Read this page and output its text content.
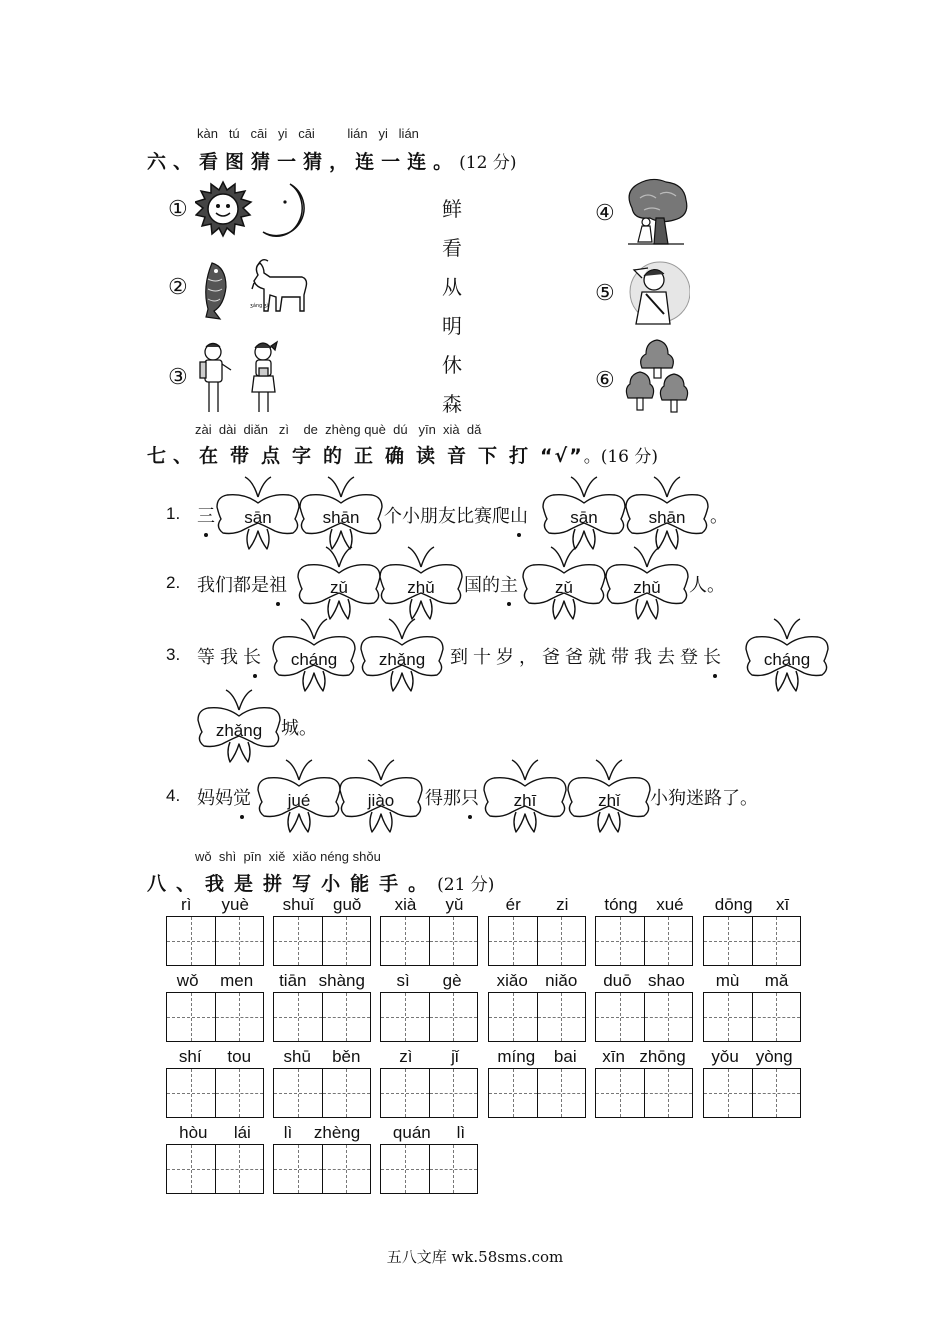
kàn tú cāi yi cāi	lián yi lián
六、看图猜一猜，连一连。(12 分)
①
②
③
④
⑤
⑥
ʒáng ʒì
鲜
看
从
明
休
森
zài dài diǎn zì de zhèng què dú yīn xià dǎ
七、在带点字的正确读音下打“√”。(16 分)
1. 三	个小朋友比赛爬山	。
sān	shān	sān	shān
2. 我们都是祖	国的主	人。
zǔ	zhǔ	zǔ	zhǔ
3. 等我长	到十岁，爸爸就带我去登长
cháng	zhǎng	cháng
zhǎng	城。
4. 妈妈觉	得那只	小狗迷路了。
jué	jiào	zhī	zhǐ
wǒ shì pīn xiě xiǎo néng shǒu
八、我是拼写小能手。(21 分)
rì yuè shuǐ guǒ xià yǔ ér zi tóng xué dōng xī
wǒ men tiān shàng sì gè xiǎo niǎo duō shao mù mǎ
shí tou shū běn zì jǐ míng bai xīn zhōng yǒu yòng
hòu lái lì zhèng quán lì
五八文库 wk.58sms.com
